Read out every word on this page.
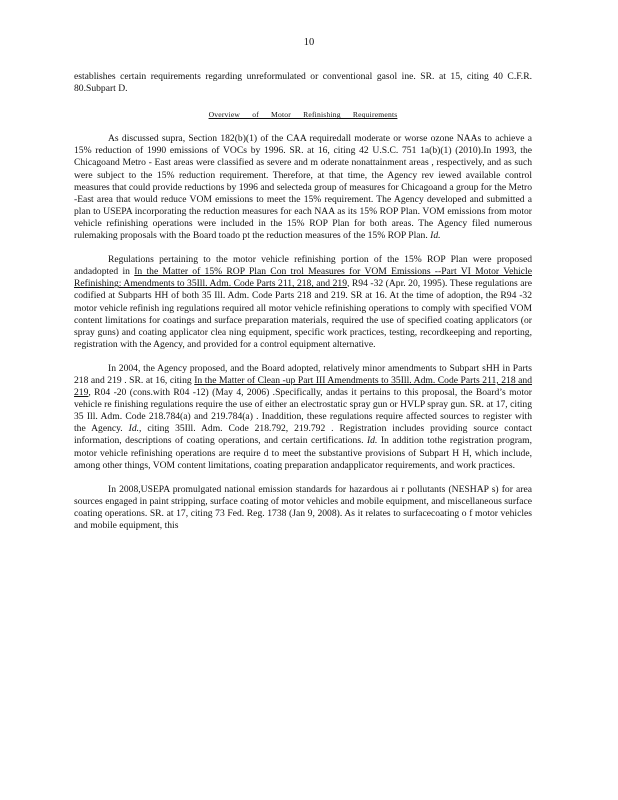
10

establishes certain requirements regarding unreformulated or conventional gasol ine. SR. at 15, citing 40 C.F.R. 80.Subpart D.

Overview of Motor Refinishing Requirements

As discussed supra, Section 182(b)(1) of the CAA requiredall moderate or worse ozone NAAs to achieve a 15% reduction of 1990 emissions of VOCs by 1996. SR. at 16, citing 42 U.S.C. 751 1a(b)(1) (2010).In 1993, the Chicagoand Metro - East areas were classified as severe and m oderate nonattainment areas , respectively, and as such were subject to the 15% reduction requirement. Therefore, at that time, the Agency rev iewed available control measures that could provide reductions by 1996 and selecteda group of measures for Chicagoand a group for the Metro -East area that would reduce VOM emissions to meet the 15% requirement. The Agency developed and submitted a plan to USEPA incorporating the reduction measures for each NAA as its 15% ROP Plan. VOM emissions from motor vehicle refinishing operations were included in the 15% ROP Plan for both areas. The Agency filed numerous rulemaking proposals with the Board toado pt the reduction measures of the 15% ROP Plan. Id.

Regulations pertaining to the motor vehicle refinishing portion of the 15% ROP Plan were proposed andadopted in In the Matter of 15% ROP Plan Con trol Measures for VOM Emissions --Part VI Motor Vehicle Refinishing: Amendments to 35Ill. Adm. Code Parts 211, 218, and 219, R94 -32 (Apr. 20, 1995). These regulations are codified at Subparts HH of both 35 Ill. Adm. Code Parts 218 and 219. SR at 16. At the time of adoption, the R94 -32 motor vehicle refinish ing regulations required all motor vehicle refinishing operations to comply with specified VOM content limitations for coatings and surface preparation materials, required the use of specified coating applicators (or spray guns) and coating applicator clea ning equipment, specific work practices, testing, recordkeeping and reporting, registration with the Agency, and provided for a control equipment alternative.

In 2004, the Agency proposed, and the Board adopted, relatively minor amendments to Subpart sHH in Parts 218 and 219 . SR. at 16, citing In the Matter of Clean -up Part III Amendments to 35Ill. Adm. Code Parts 211, 218 and 219, R04 -20 (cons.with R04 -12) (May 4, 2006) .Specifically, andas it pertains to this proposal, the Board’s motor vehicle re finishing regulations require the use of either an electrostatic spray gun or HVLP spray gun. SR. at 17, citing 35 Ill. Adm. Code 218.784(a) and 219.784(a) . Inaddition, these regulations require affected sources to register with the Agency. Id., citing 35Ill. Adm. Code 218.792, 219.792 . Registration includes providing source contact information, descriptions of coating operations, and certain certifications. Id. In addition tothe registration program, motor vehicle refinishing operations are require d to meet the substantive provisions of Subpart H H, which include, among other things, VOM content limitations, coating preparation andapplicator requirements, and work practices.

In 2008,USEPA promulgated national emission standards for hazardous ai r pollutants (NESHAP s) for area sources engaged in paint stripping, surface coating of motor vehicles and mobile equipment, and miscellaneous surface coating operations. SR. at 17, citing 73 Fed. Reg. 1738 (Jan 9, 2008). As it relates to surfacecoating o f motor vehicles and mobile equipment, this
